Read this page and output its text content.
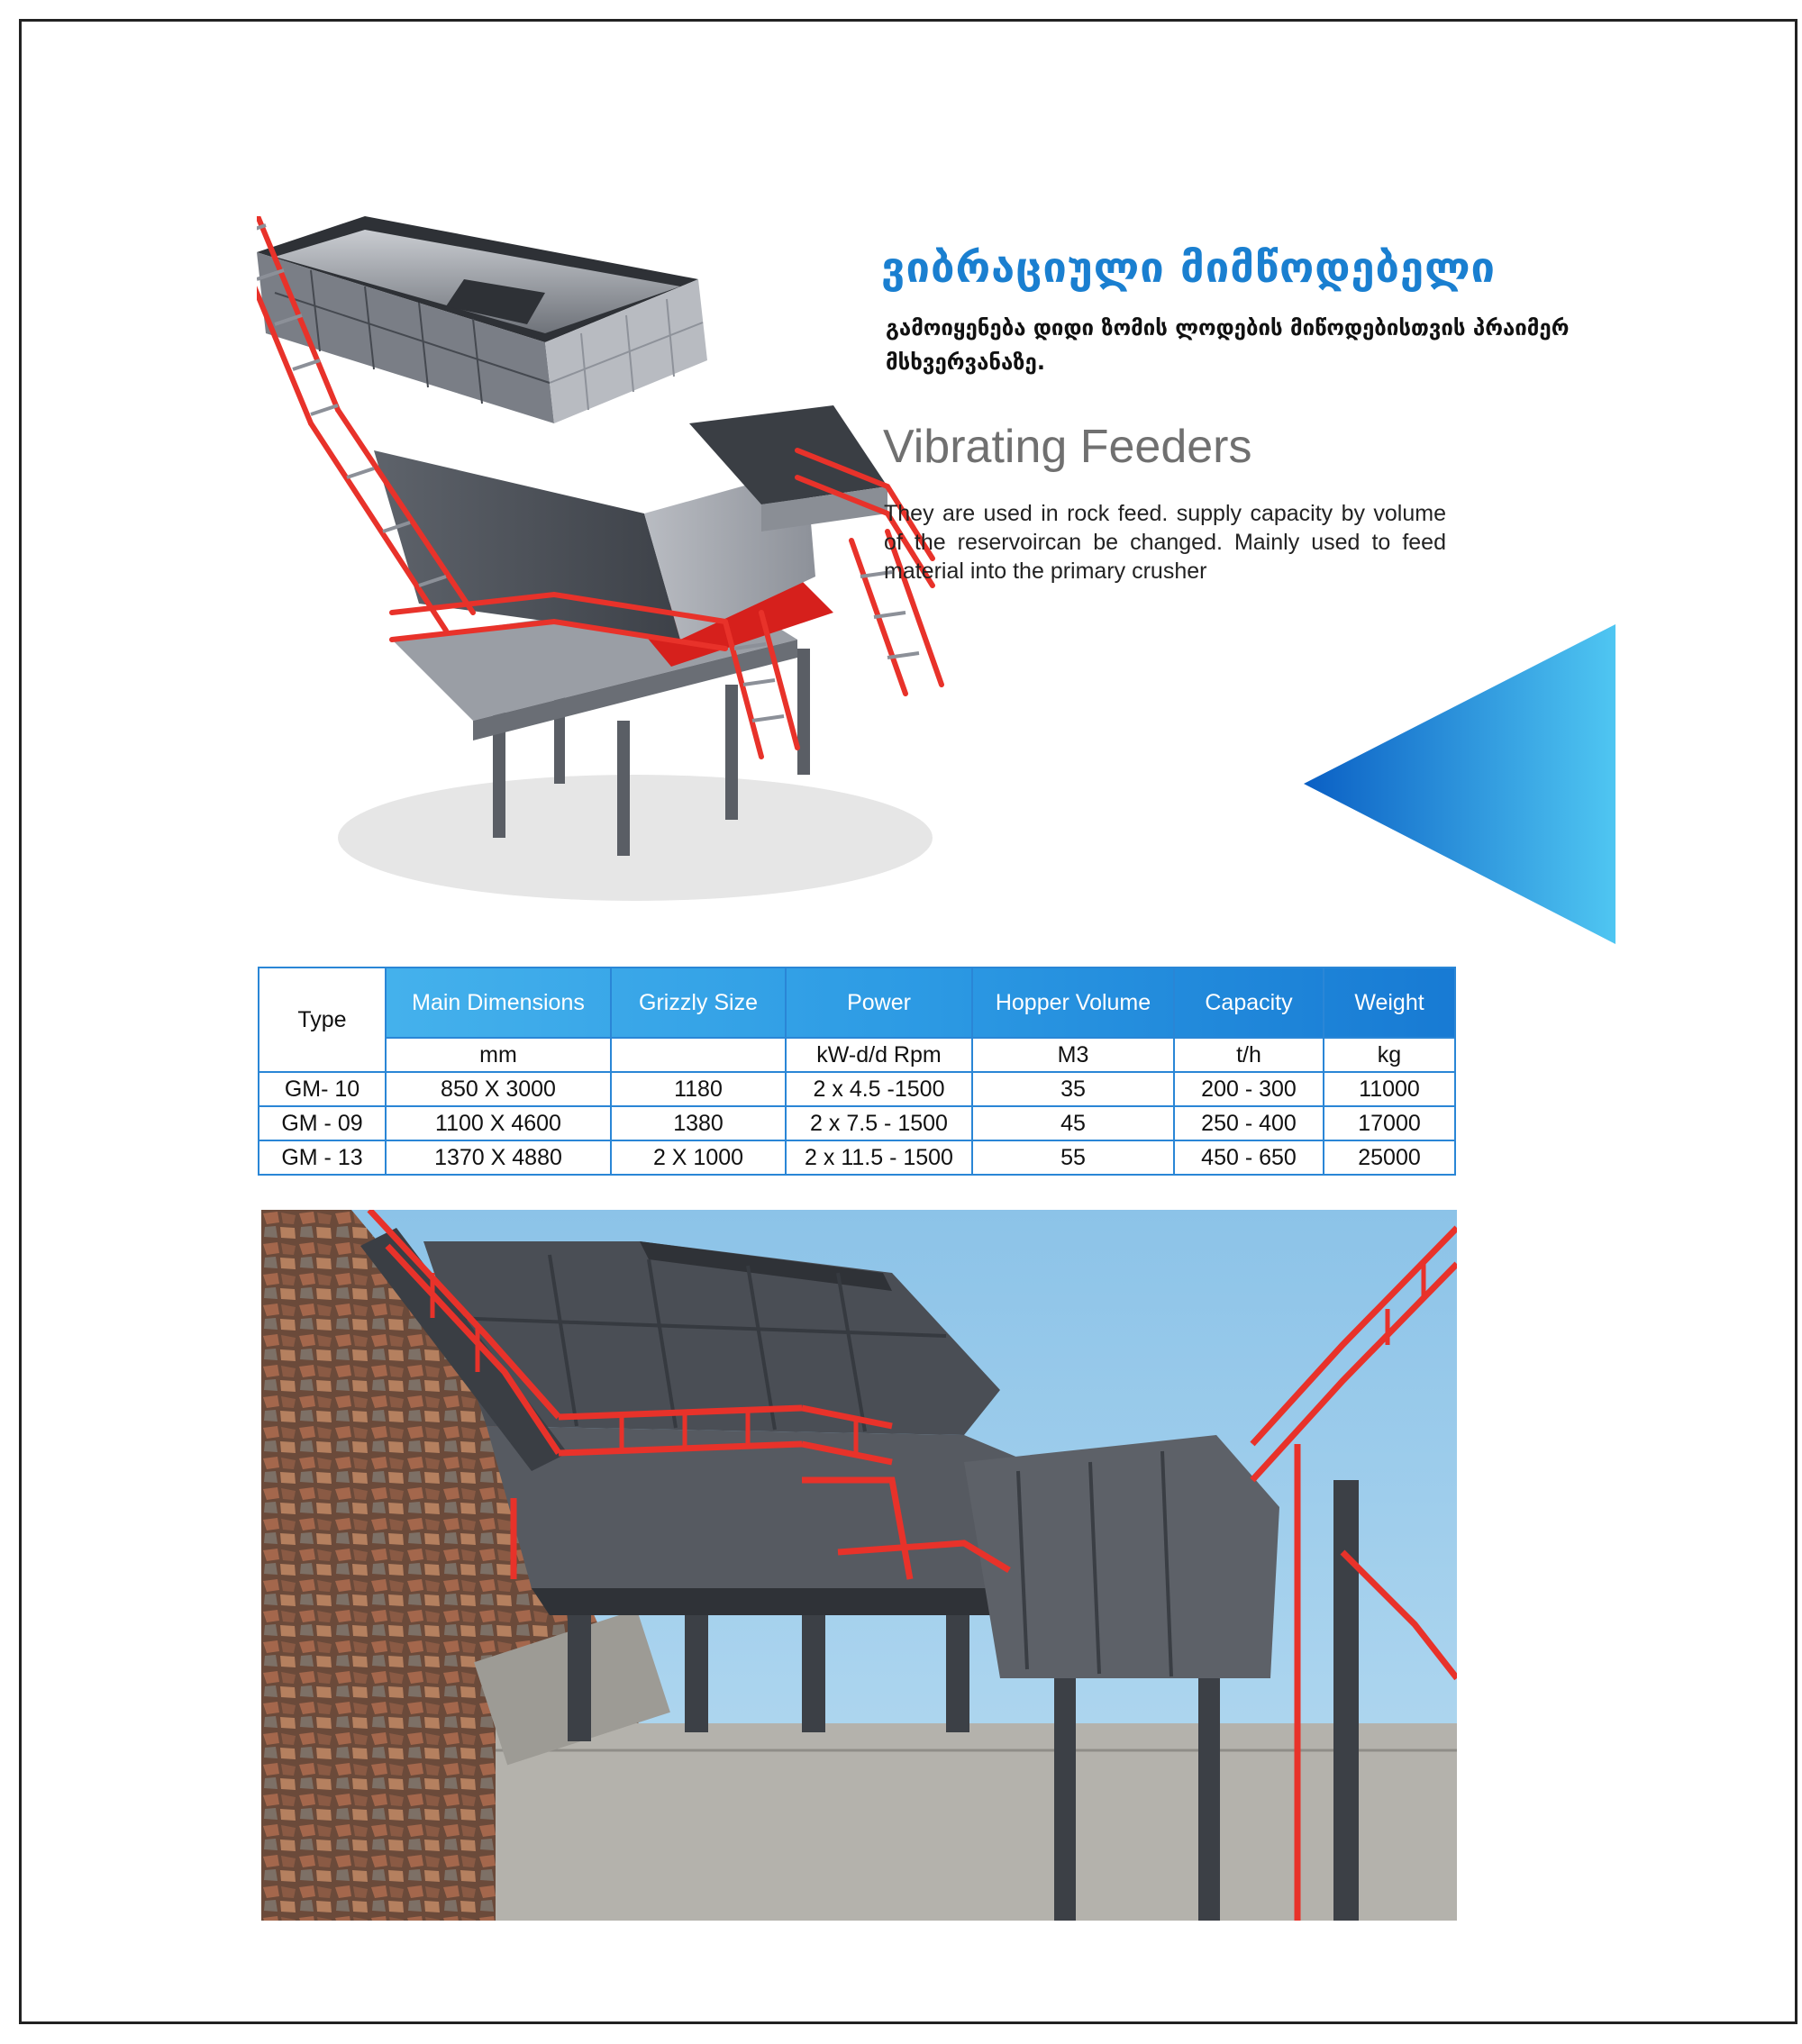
ვიბრაციული მიმწოდებელი

გამოიყენება დიდი ზომის ლოდების მიწოდებისთვის პრაიმერ მსხვერვანაზე.

Vibrating Feeders

They are used in rock feed. supply capacity by volume of the reservoircan be changed. Mainly used to feed material into the primary crusher

Type	Main Dimensions	Grizzly Size	Power	Hopper Volume	Capacity	Weight
	mm		kW-d/d Rpm	M3	t/h	kg
GM- 10	850 X 3000	1180	2 x 4.5 -1500	35	200 - 300	11000
GM - 09	1100 X 4600	1380	2 x 7.5 - 1500	45	250 - 400	17000
GM - 13	1370 X 4880	2 X 1000	2 x 11.5 - 1500	55	450 - 650	25000
